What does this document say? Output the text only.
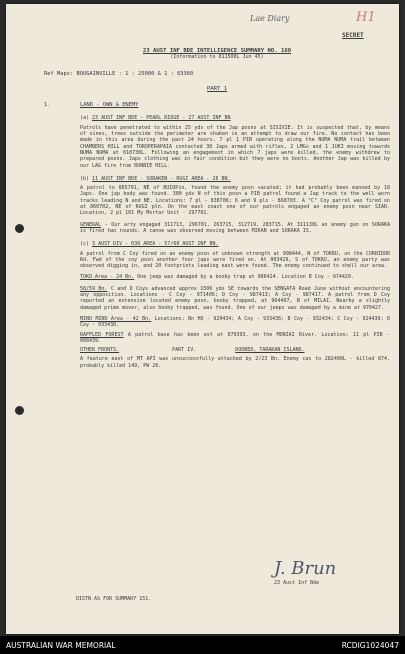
Lae Diary	H1
SECRET
23 AUST INF BDE INTELLIGENCE SUMMARY NO. 160
(Information to 011500L Jun 45)
Ref Maps: BOUGAINVILLE : 1 : 25000 & 1 : 63360
PART 1
1.	LAND - OWN & ENEMY
(a) 23 AUST INF BDE - PEARL RIDGE - 27 AUST INF BN
Patrols have penetrated to within 25 yds of the Jap posns at SISIVIE. It is suspected that, by means of vines, trees outside the perimeter are shaken in an attempt to draw our fire. No contact has been made in this area during the past 24 hours. 7 pl 1 PIB operating along the NUMA NUMA trail between CHAMBERS HILL and TOROPERAPAIA contacted 30 Japs armed with rifles, 2 LMGs and 1 JUKI moving towards NUMA NUMA at 010730L. Following an engagement in which 7 japs were killed, the enemy withdrew to prepared posns. Japs clothing was in fair condition but they were no boots. Another Jap was killed by our LAG fire from BUNNIE HILL.
(b) 11 AUST INF BDE - SORAKEN - RUGI AREA - 26 BN.
A patrol to 865701, NE of BUIOPin, found the enemy posn vacated; it had probably been manned by 18 Japs. One jap body was found. 300 yds N of this posn a PIB patrol found a Jap track to the well worn tracks leading N and NE. Locations: 7 pl - 838706; 6 and 9 pls - 868703. A "C" Coy patrol was fired on at 860702, NE of RUGI pln. On the east coast one of our patrols engaged an enemy posn near SIAR. Location, 2 pl 101 My Mortar Unit - 297701.
GENERAL - Our arty engaged 311713, 296701, 263715, 312719, 283715. At 311130L an enemy gun on SORAKA is fired two rounds. A canoe was observed moving between MIKAN and SORAKA IS.
(c) 3 AUST DIV - 030 AREA - 57/60 AUST INF BN.
A patrol from C Coy fired on an enemy posn of unknown strength at 998444, N of TOKRU, on the CORRIDOR Rd. Fwd of the coy posn another four japs were fired on. At 003429, S of TOKRU, an enemy party was observed digging in, and 20 footprints leading east were found. The enemy continued to shell our area.
TOKO Area - 24 Bn. One jeep was damaged by a booby trap at 986424. Location B Coy - 974429.
58/59 Bn. C and D Coys advanced approx 1500 yds SE towards the SENGATA Road June without encountering any opposition. Locations - C Coy - 971406; D Coy - 987413; A Coy - 987417. A patrol from D Coy reported an extensive located enemy posn, booby trapped, at 964407, N of MILAI. Nearby a slightly damaged prime mover, also booby trapped, was found. One of our jeeps was damaged by a mine at 970427.
MINO MINO Area - 42 Bn. Locations; Bn HQ - 929434; A Coy - 933436; B Coy - 932434; C Coy - 924439; D Coy - 933430.
RAFFLED FOREST A patrol base has been est at 070393, on the MONIAI River. Location; 11 pl PIB - 068439.
OTHER FRONTS.	PART IV.	DOOBED, TARAKAN ISLAND.
A feature east of MT API was unsuccessfully attacked by 2/23 Bn. Enemy cas to 282400L - killed 874, probably killed 149, PW 20.
J. Brun
23 Aust Inf Bde
DISTN AS FOR SUMMARY 151.
AUSTRALIAN WAR MEMORIAL	RCDIG1024047
